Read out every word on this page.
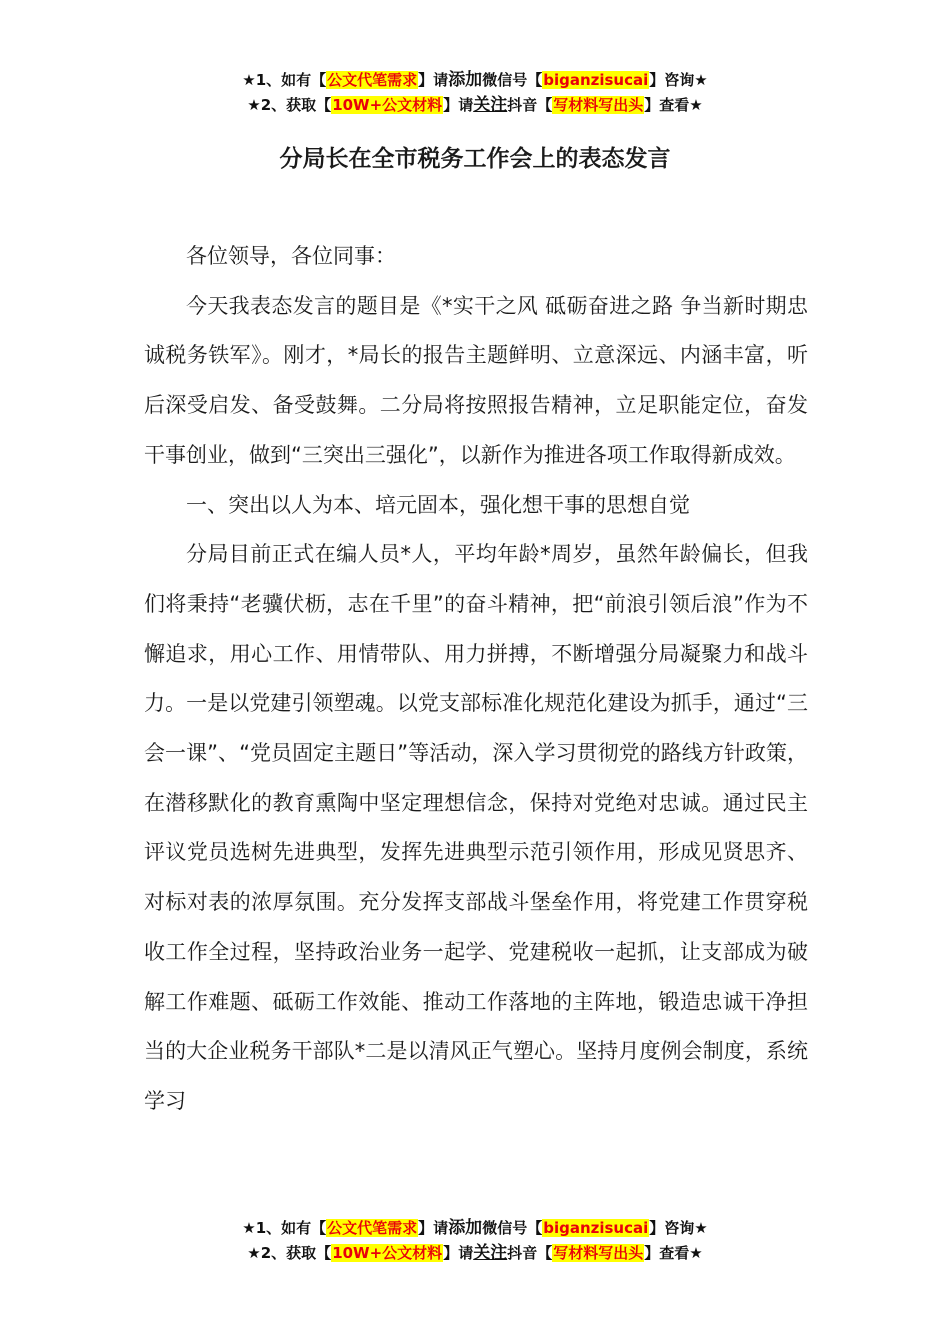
★1、如有【公文代笔需求】请添加微信号【biganzisucai】咨询★
★2、获取【10W+公文材料】请关注抖音【写材料写出头】查看★
分局长在全市税务工作会上的表态发言

各位领导，各位同事：

今天我表态发言的题目是《*实干之风 砥砺奋进之路 争当新时期忠诚税务铁军》。刚才，*局长的报告主题鲜明、立意深远、内涵丰富，听后深受启发、备受鼓舞。二分局将按照报告精神，立足职能定位，奋发干事创业，做到“三突出三强化”，以新作为推进各项工作取得新成效。

一、突出以人为本、培元固本，强化想干事的思想自觉

分局目前正式在编人员*人，平均年龄*周岁，虽然年龄偏长，但我们将秉持“老骥伏枥，志在千里”的奋斗精神，把“前浪引领后浪”作为不懈追求，用心工作、用情带队、用力拼搏，不断增强分局凝聚力和战斗力。一是以党建引领塑魂。以党支部标准化规范化建设为抓手，通过“三会一课”、“党员固定主题日”等活动，深入学习贯彻党的路线方针政策，在潜移默化的教育熏陶中坚定理想信念，保持对党绝对忠诚。通过民主评议党员选树先进典型，发挥先进典型示范引领作用，形成见贤思齐、对标对表的浓厚氛围。充分发挥支部战斗堡垒作用，将党建工作贯穿税收工作全过程，坚持政治业务一起学、党建税收一起抓，让支部成为破解工作难题、砥砺工作效能、推动工作落地的主阵地，锻造忠诚干净担当的大企业税务干部队*二是以清风正气塑心。坚持月度例会制度，系统学习

★1、如有【公文代笔需求】请添加微信号【biganzisucai】咨询★
★2、获取【10W+公文材料】请关注抖音【写材料写出头】查看★
